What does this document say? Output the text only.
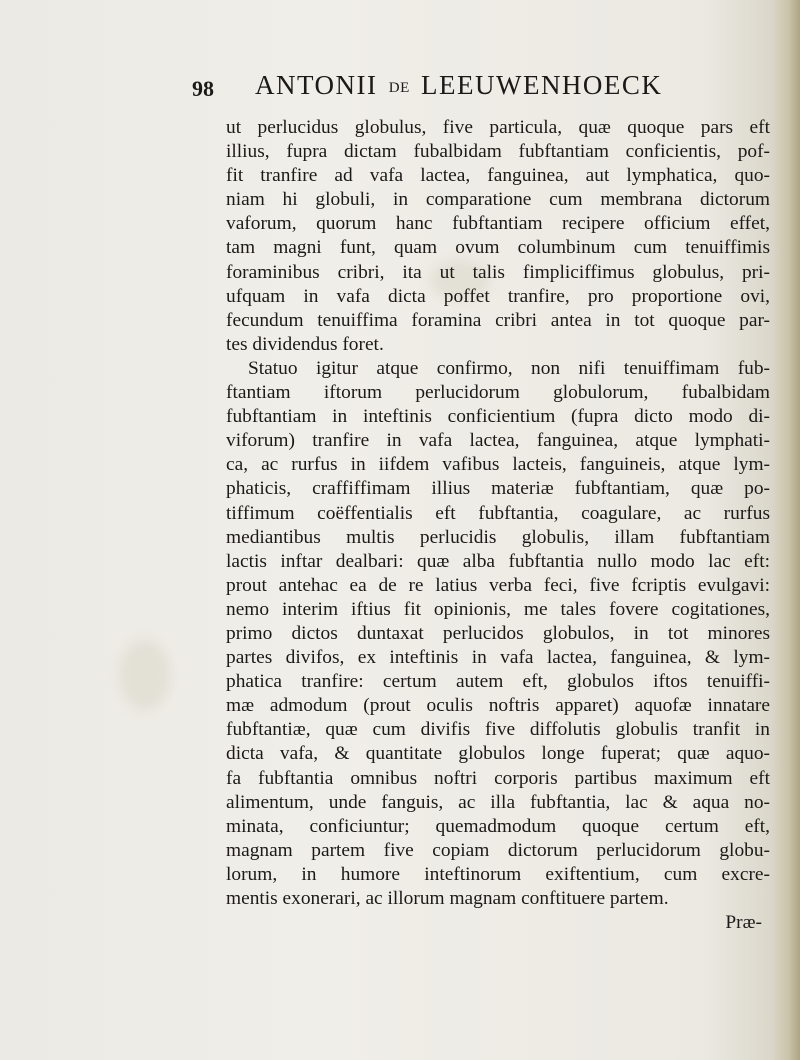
98 ANTONII DE LEEUWENHOECK
ut perlucidus globulus, five particula, quæ quoque pars eft
illius, fupra dictam fubalbidam fubftantiam conficientis, pof-
fit tranfire ad vafa lactea, fanguinea, aut lymphatica, quo-
niam hi globuli, in comparatione cum membrana dictorum
vaforum, quorum hanc fubftantiam recipere officium effet,
tam magni funt, quam ovum columbinum cum tenuiffimis
foraminibus cribri, ita ut talis fimpliciffimus globulus, pri-
ufquam in vafa dicta poffet tranfire, pro proportione ovi,
fecundum tenuiffima foramina cribri antea in tot quoque par-
tes dividendus foret.
Statuo igitur atque confirmo, non nifi tenuiffimam fub-
ftantiam iftorum perlucidorum globulorum, fubalbidam
fubftantiam in inteftinis conficientium (fupra dicto modo di-
viforum) tranfire in vafa lactea, fanguinea, atque lymphati-
ca, ac rurfus in iifdem vafibus lacteis, fanguineis, atque lym-
phaticis, craffiffimam illius materiæ fubftantiam, quæ po-
tiffimum coëffentialis eft fubftantia, coagulare, ac rurfus
mediantibus multis perlucidis globulis, illam fubftantiam
lactis inftar dealbari: quæ alba fubftantia nullo modo lac eft:
prout antehac ea de re latius verba feci, five fcriptis evulgavi:
nemo interim iftius fit opinionis, me tales fovere cogitationes,
primo dictos duntaxat perlucidos globulos, in tot minores
partes divifos, ex inteftinis in vafa lactea, fanguinea, & lym-
phatica tranfire: certum autem eft, globulos iftos tenuiffi-
mæ admodum (prout oculis noftris apparet) aquofæ innatare
fubftantiæ, quæ cum divifis five diffolutis globulis tranfit in
dicta vafa, & quantitate globulos longe fuperat; quæ aquo-
fa fubftantia omnibus noftri corporis partibus maximum eft
alimentum, unde fanguis, ac illa fubftantia, lac & aqua no-
minata, conficiuntur; quemadmodum quoque certum eft,
magnam partem five copiam dictorum perlucidorum globu-
lorum, in humore inteftinorum exiftentium, cum excre-
mentis exonerari, ac illorum magnam conftituere partem.
Præ-
